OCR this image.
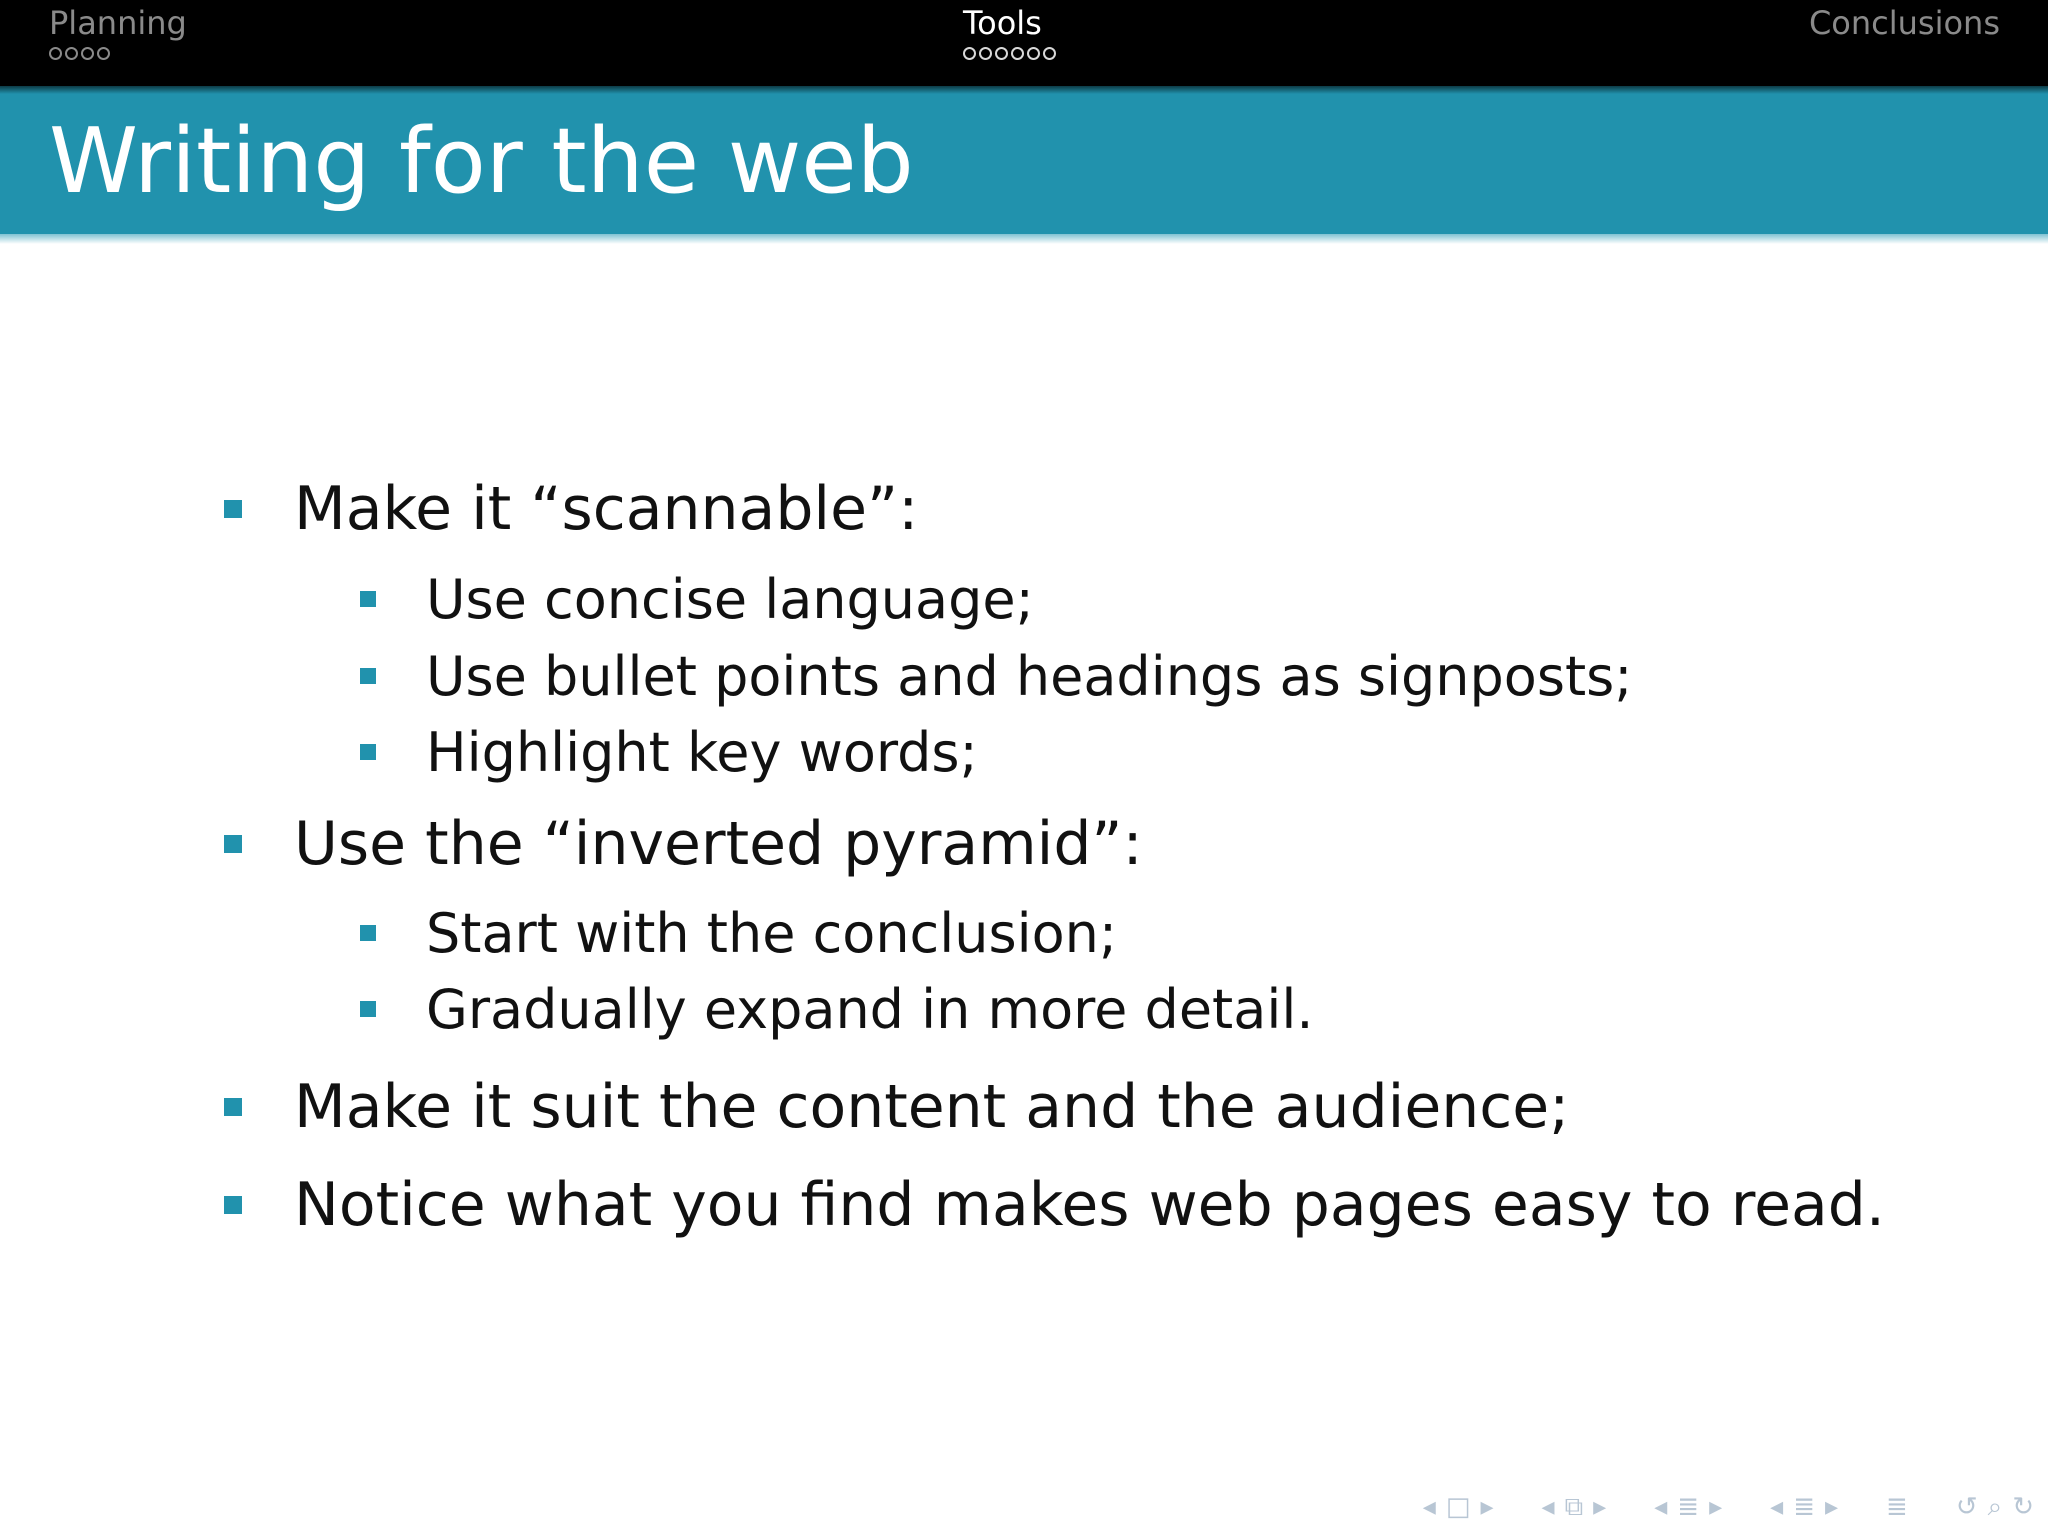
Planning	Tools	Conclusions
Writing for the web
Make it “scannable”:
Use concise language;
Use bullet points and headings as signposts;
Highlight key words;
Use the “inverted pyramid”:
Start with the conclusion;
Gradually expand in more detail.
Make it suit the content and the audience;
Notice what you find makes web pages easy to read.
◂ □ ▸ ◂ ⧉ ▸ ◂ ≣ ▸ ◂ ≣ ▸ ≣ ↺ ⌕ ↻
